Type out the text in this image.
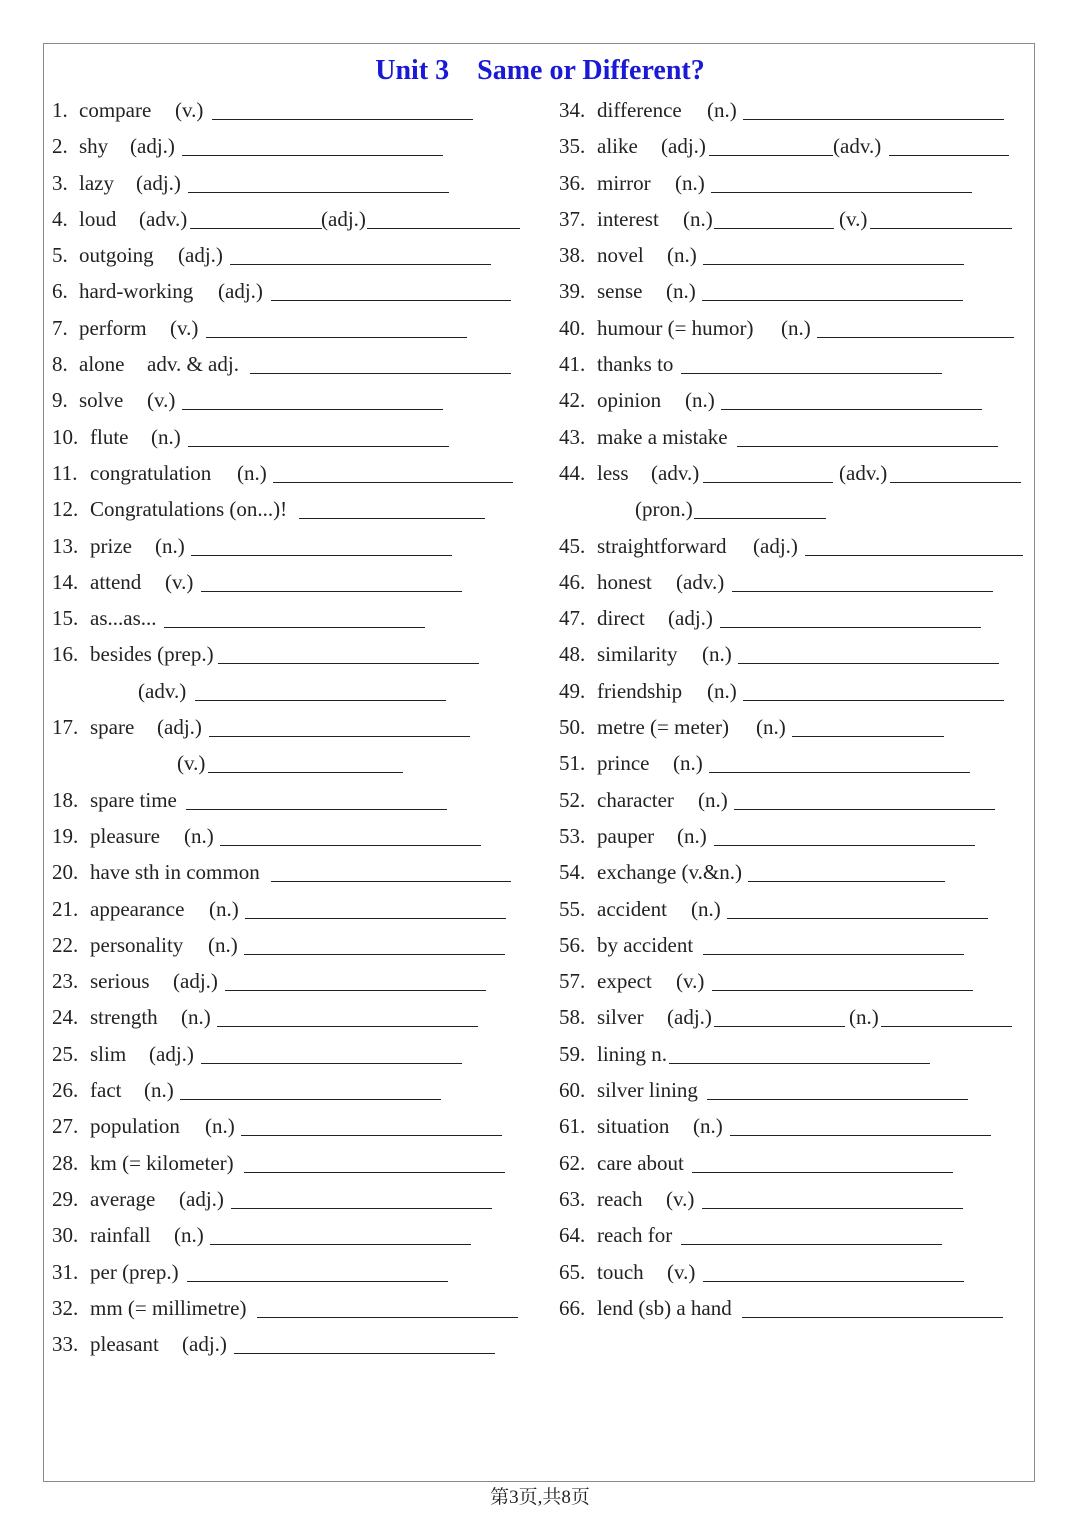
Unit 3    Same or Different?
1. compare (v.)
2. shy (adj.)
3. lazy (adj.)
4. loud (adv.)	(adj.)
5. outgoing (adj.)
6. hard-working (adj.)
7. perform (v.)
8. alone adv. & adj.
9. solve (v.)
10. flute (n.)
11. congratulation (n.)
12. Congratulations (on...)!
13. prize (n.)
14. attend (v.)
15. as...as...
16. besides (prep.)
(adv.)
17. spare (adj.)
(v.)
18. spare time
19. pleasure (n.)
20. have sth in common
21. appearance (n.)
22. personality (n.)
23. serious (adj.)
24. strength (n.)
25. slim (adj.)
26. fact (n.)
27. population (n.)
28. km (= kilometer)
29. average (adj.)
30. rainfall (n.)
31. per (prep.)
32. mm (= millimetre)
33. pleasant (adj.)
34. difference (n.)
35. alike (adj.)	(adv.)
36. mirror (n.)
37. interest (n.)	(v.)
38. novel (n.)
39. sense (n.)
40. humour (= humor) (n.)
41. thanks to
42. opinion (n.)
43. make a mistake
44. less (adv.)	(adv.)
(pron.)
45. straightforward (adj.)
46. honest (adv.)
47. direct (adj.)
48. similarity (n.)
49. friendship (n.)
50. metre (= meter) (n.)
51. prince (n.)
52. character (n.)
53. pauper (n.)
54. exchange (v.&n.)
55. accident (n.)
56. by accident
57. expect (v.)
58. silver (adj.)	(n.)
59. lining n.
60. silver lining
61. situation (n.)
62. care about
63. reach (v.)
64. reach for
65. touch (v.)
66. lend (sb) a hand
第3页,共8页
